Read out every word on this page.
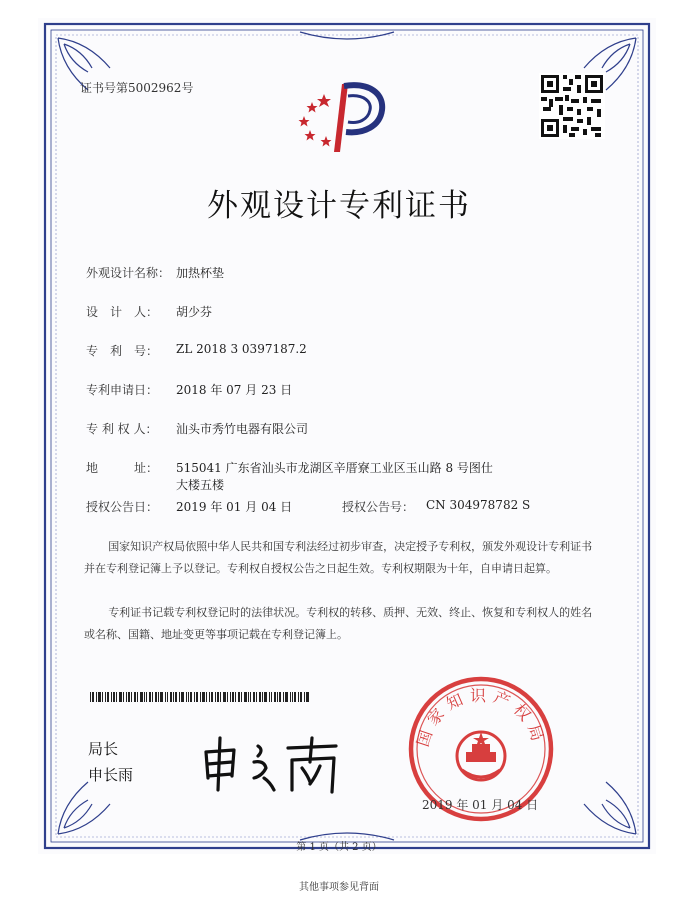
证书号第5002962号
外观设计专利证书
外观设计名称： 加热杯垫
设　计　人： 胡少芬
专　利　号： ZL 2018 3 0397187.2
专利申请日： 2018 年 07 月 23 日
专 利 权 人： 汕头市秀竹电器有限公司
地　　　址： 515041 广东省汕头市龙湖区辛厝寮工业区玉山路 8 号图仕
大楼五楼
授权公告日： 2019 年 01 月 04 日	授权公告号： CN 304978782 S
国家知识产权局依照中华人民共和国专利法经过初步审查，决定授予专利权，颁发外观设计专利证书并在专利登记簿上予以登记。专利权自授权公告之日起生效。专利权期限为十年，自申请日起算。
专利证书记载专利权登记时的法律状况。专利权的转移、质押、无效、终止、恢复和专利权人的姓名或名称、国籍、地址变更等事项记载在专利登记簿上。
局长
申长雨
国家知识产权局
2019 年 01 月 04 日
第 1 页（共 2 页）
其他事项参见背面
